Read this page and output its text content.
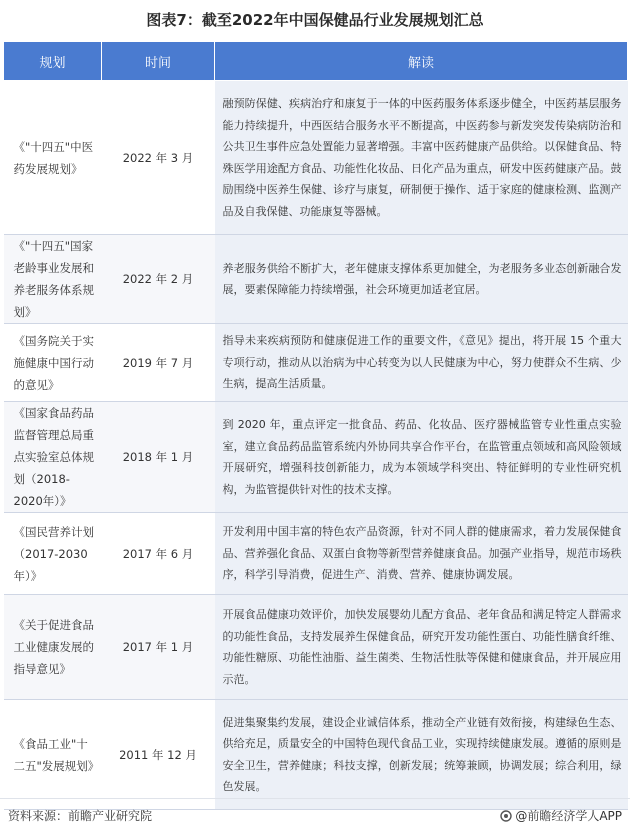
图表7：截至2022年中国保健品行业发展规划汇总
规划	时间	解读
《"十四五"中医药发展规划》	2022 年 3 月	融预防保健、疾病治疗和康复于一体的中医药服务体系逐步健全，中医药基层服务能力持续提升，中西医结合服务水平不断提高，中医药参与新发突发传染病防治和公共卫生事件应急处置能力显著增强。丰富中医药健康产品供给。以保健食品、特殊医学用途配方食品、功能性化妆品、日化产品为重点，研发中医药健康产品。鼓励围绕中医养生保健、诊疗与康复，研制便于操作、适于家庭的健康检测、监测产品及自我保健、功能康复等器械。
《"十四五"国家老龄事业发展和养老服务体系规划》	2022 年 2 月	养老服务供给不断扩大，老年健康支撑体系更加健全，为老服务多业态创新融合发展，要素保障能力持续增强，社会环境更加适老宜居。
《国务院关于实施健康中国行动的意见》	2019 年 7 月	指导未来疾病预防和健康促进工作的重要文件，《意见》提出，将开展 15 个重大专项行动，推动从以治病为中心转变为以人民健康为中心，努力使群众不生病、少生病，提高生活质量。
《国家食品药品监督管理总局重点实验室总体规划（2018-2020年）》	2018 年 1 月	到 2020 年，重点评定一批食品、药品、化妆品、医疗器械监管专业性重点实验室，建立食品药品监管系统内外协同共享合作平台，在监管重点领域和高风险领域开展研究，增强科技创新能力，成为本领域学科突出、特征鲜明的专业性研究机构，为监管提供针对性的技术支撑。
《国民营养计划（2017-2030 年）》	2017 年 6 月	开发利用中国丰富的特色农产品资源，针对不同人群的健康需求，着力发展保健食品、营养强化食品、双蛋白食物等新型营养健康食品。加强产业指导，规范市场秩序，科学引导消费，促进生产、消费、营养、健康协调发展。
《关于促进食品工业健康发展的指导意见》	2017 年 1 月	开展食品健康功效评价，加快发展婴幼儿配方食品、老年食品和满足特定人群需求的功能性食品，支持发展养生保健食品，研究开发功能性蛋白、功能性膳食纤维、功能性糖原、功能性油脂、益生菌类、生物活性肽等保健和健康食品，并开展应用示范。
《食品工业"十二五"发展规划》	2011 年 12 月	促进集聚集约发展，建设企业诚信体系，推动全产业链有效衔接，构建绿色生态、供给充足，质量安全的中国特色现代食品工业，实现持续健康发展。遵循的原则是安全卫生，营养健康；科技支撑，创新发展；统筹兼顾，协调发展；综合利用，绿色发展。
资料来源：前瞻产业研究院	@前瞻经济学人APP
